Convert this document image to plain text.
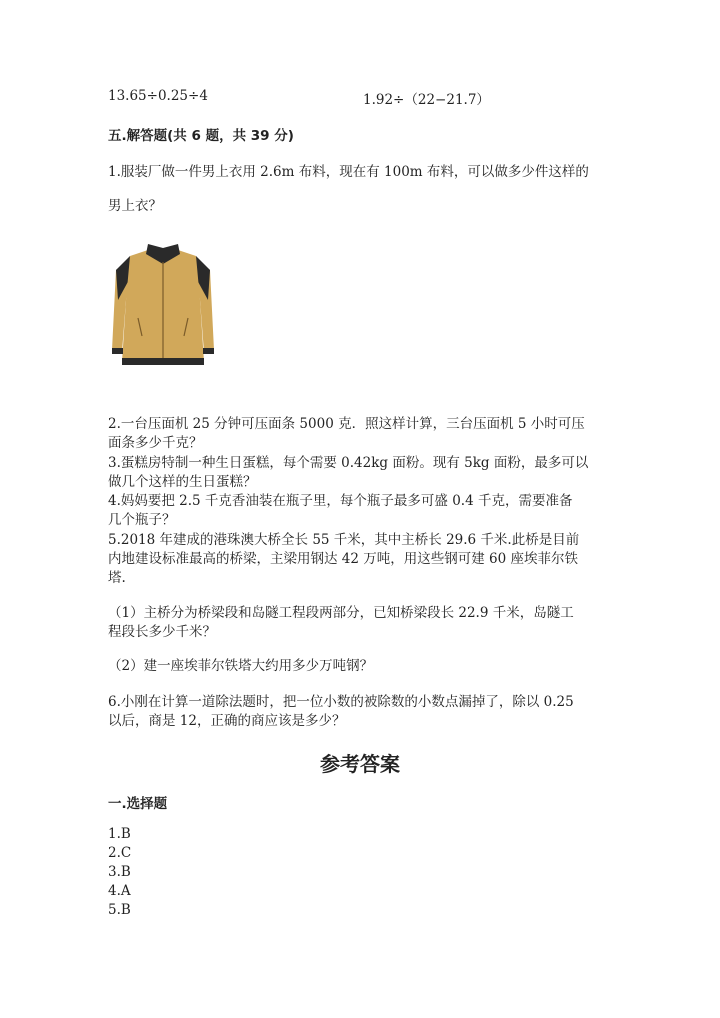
13.65÷0.25÷4	1.92÷（22−21.7）
五.解答题(共 6 题，共 39 分)
1.服装厂做一件男上衣用 2.6m 布料，现在有 100m 布料，可以做多少件这样的
男上衣？
2.一台压面机 25 分钟可压面条 5000 克．照这样计算，三台压面机 5 小时可压
面条多少千克？
3.蛋糕房特制一种生日蛋糕，每个需要 0.42kg 面粉。现有 5kg 面粉，最多可以
做几个这样的生日蛋糕？
4.妈妈要把 2.5 千克香油装在瓶子里，每个瓶子最多可盛 0.4 千克，需要准备
几个瓶子？
5.2018 年建成的港珠澳大桥全长 55 千米，其中主桥长 29.6 千米.此桥是目前
内地建设标准最高的桥梁，主梁用钢达 42 万吨，用这些钢可建 60 座埃菲尔铁
塔.
（1）主桥分为桥梁段和岛隧工程段两部分，已知桥梁段长 22.9 千米，岛隧工
程段长多少千米？
（2）建一座埃菲尔铁塔大约用多少万吨钢？
6.小刚在计算一道除法题时，把一位小数的被除数的小数点漏掉了，除以 0.25
以后，商是 12，正确的商应该是多少？
参考答案
一.选择题
1.B
2.C
3.B
4.A
5.B
